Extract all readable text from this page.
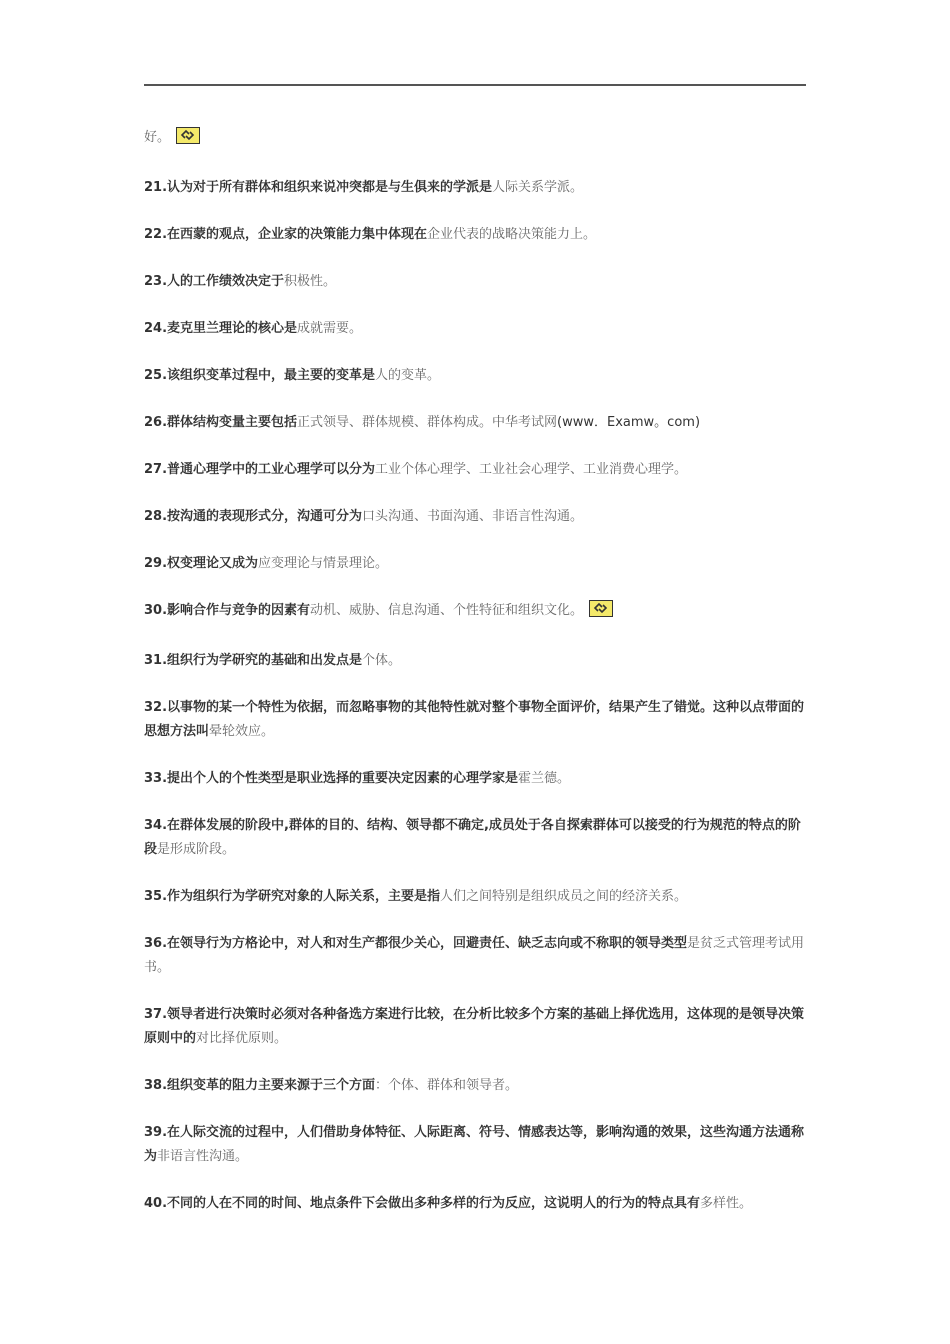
好。

21.认为对于所有群体和组织来说冲突都是与生俱来的学派是人际关系学派。

22.在西蒙的观点，企业家的决策能力集中体现在企业代表的战略决策能力上。

23.人的工作绩效决定于积极性。

24.麦克里兰理论的核心是成就需要。

25.该组织变革过程中，最主要的变革是人的变革。

26.群体结构变量主要包括正式领导、群体规模、群体构成。中华考试网(www．Examw。com)

27.普通心理学中的工业心理学可以分为工业个体心理学、工业社会心理学、工业消费心理学。

28.按沟通的表现形式分，沟通可分为口头沟通、书面沟通、非语言性沟通。

29.权变理论又成为应变理论与情景理论。

30.影响合作与竞争的因素有动机、威胁、信息沟通、个性特征和组织文化。

31.组织行为学研究的基础和出发点是个体。

32.以事物的某一个特性为依据，而忽略事物的其他特性就对整个事物全面评价，结果产生了错觉。这种以点带面的思想方法叫晕轮效应。

33.提出个人的个性类型是职业选择的重要决定因素的心理学家是霍兰德。

34.在群体发展的阶段中,群体的目的、结构、领导都不确定,成员处于各自探索群体可以接受的行为规范的特点的阶段是形成阶段。

35.作为组织行为学研究对象的人际关系，主要是指人们之间特别是组织成员之间的经济关系。

36.在领导行为方格论中，对人和对生产都很少关心，回避责任、缺乏志向或不称职的领导类型是贫乏式管理考试用书。

37.领导者进行决策时必须对各种备选方案进行比较，在分析比较多个方案的基础上择优选用，这体现的是领导决策原则中的对比择优原则。

38.组织变革的阻力主要来源于三个方面：个体、群体和领导者。

39.在人际交流的过程中，人们借助身体特征、人际距离、符号、情感表达等，影响沟通的效果，这些沟通方法通称为非语言性沟通。

40.不同的人在不同的时间、地点条件下会做出多种多样的行为反应，这说明人的行为的特点具有多样性。
